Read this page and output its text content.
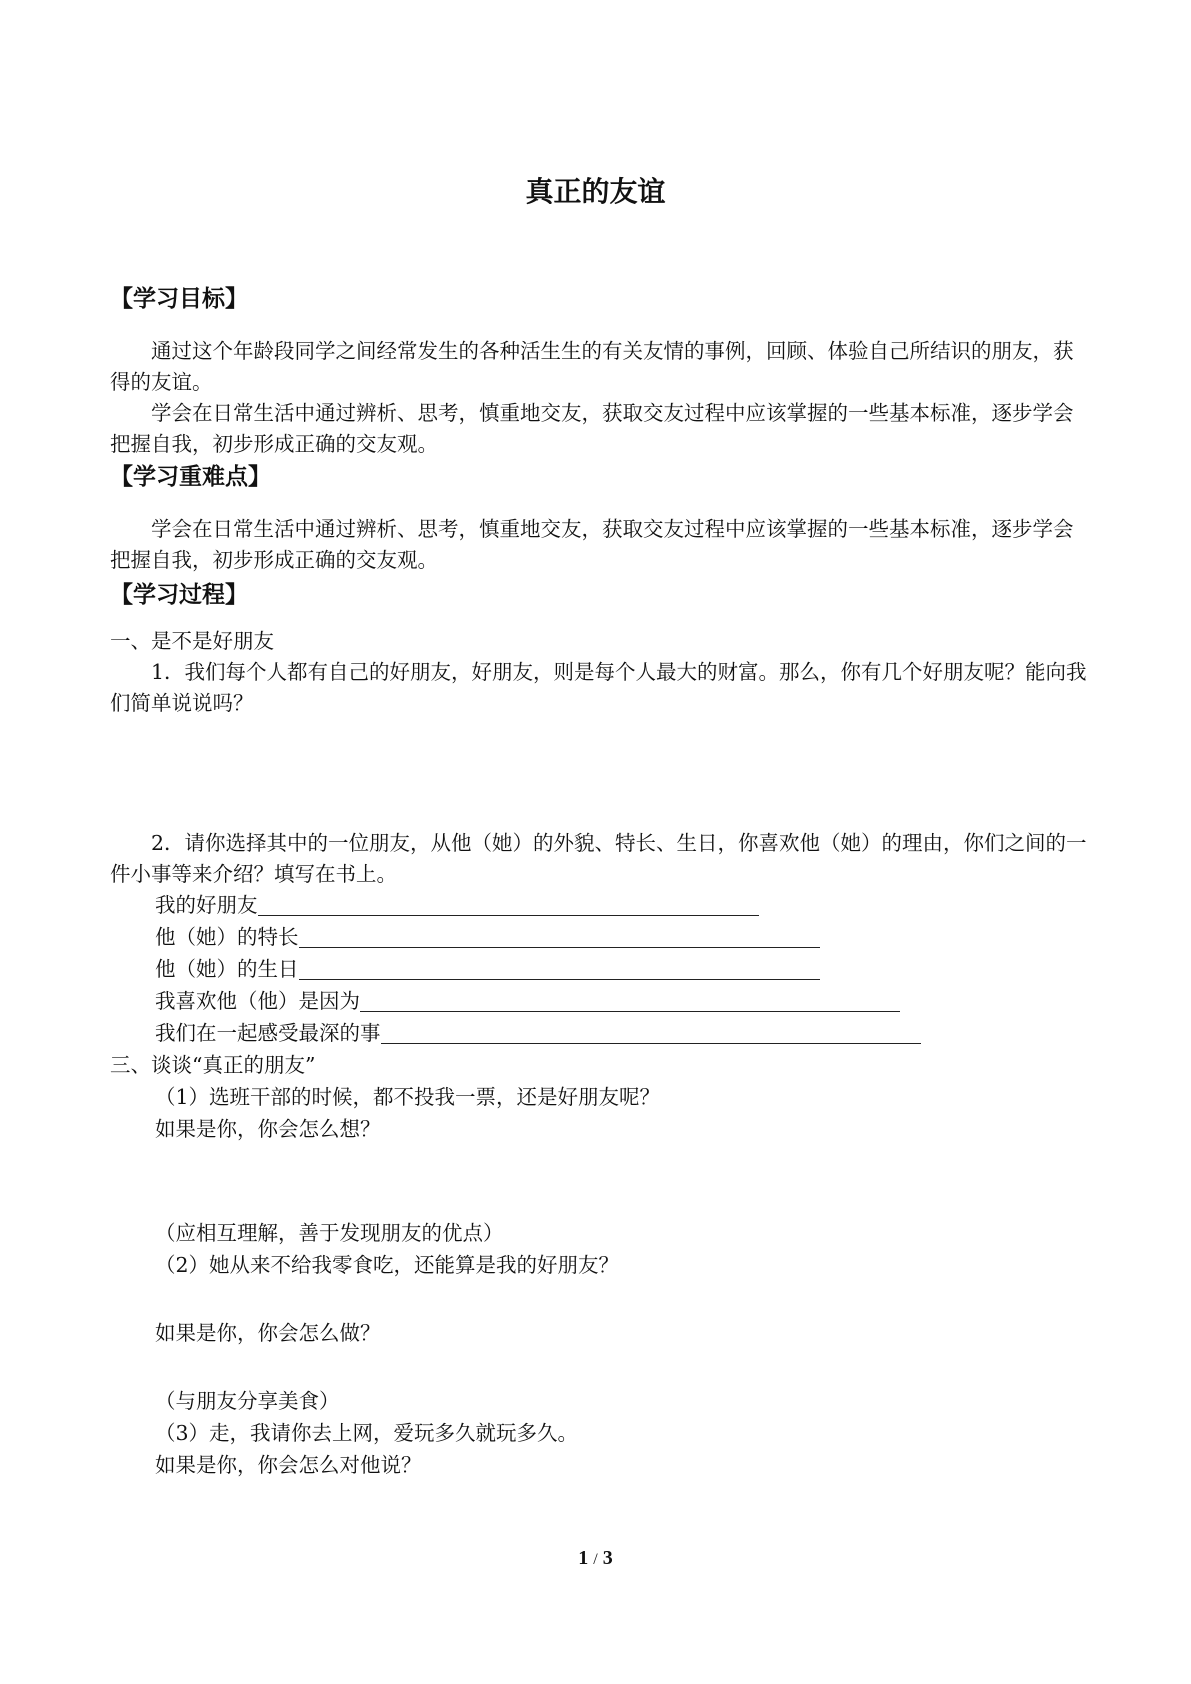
真正的友谊
【学习目标】

通过这个年龄段同学之间经常发生的各种活生生的有关友情的事例，回顾、体验自己所结识的朋友，获得的友谊。

学会在日常生活中通过辨析、思考，慎重地交友，获取交友过程中应该掌握的一些基本标准，逐步学会把握自我，初步形成正确的交友观。

【学习重难点】

学会在日常生活中通过辨析、思考，慎重地交友，获取交友过程中应该掌握的一些基本标准，逐步学会把握自我，初步形成正确的交友观。

【学习过程】

一、是不是好朋友

1．我们每个人都有自己的好朋友，好朋友，则是每个人最大的财富。那么，你有几个好朋友呢？能向我们简单说说吗？

2．请你选择其中的一位朋友，从他（她）的外貌、特长、生日，你喜欢他（她）的理由，你们之间的一件小事等来介绍？填写在书上。

我的好朋友
他（她）的特长
他（她）的生日
我喜欢他（他）是因为
我们在一起感受最深的事

三、谈谈“真正的朋友”

（1）选班干部的时候，都不投我一票，还是好朋友呢？

如果是你，你会怎么想？

（应相互理解，善于发现朋友的优点）

（2）她从来不给我零食吃，还能算是我的好朋友？

如果是你，你会怎么做？

（与朋友分享美食）

（3）走，我请你去上网，爱玩多久就玩多久。

如果是你，你会怎么对他说？

1 / 3
